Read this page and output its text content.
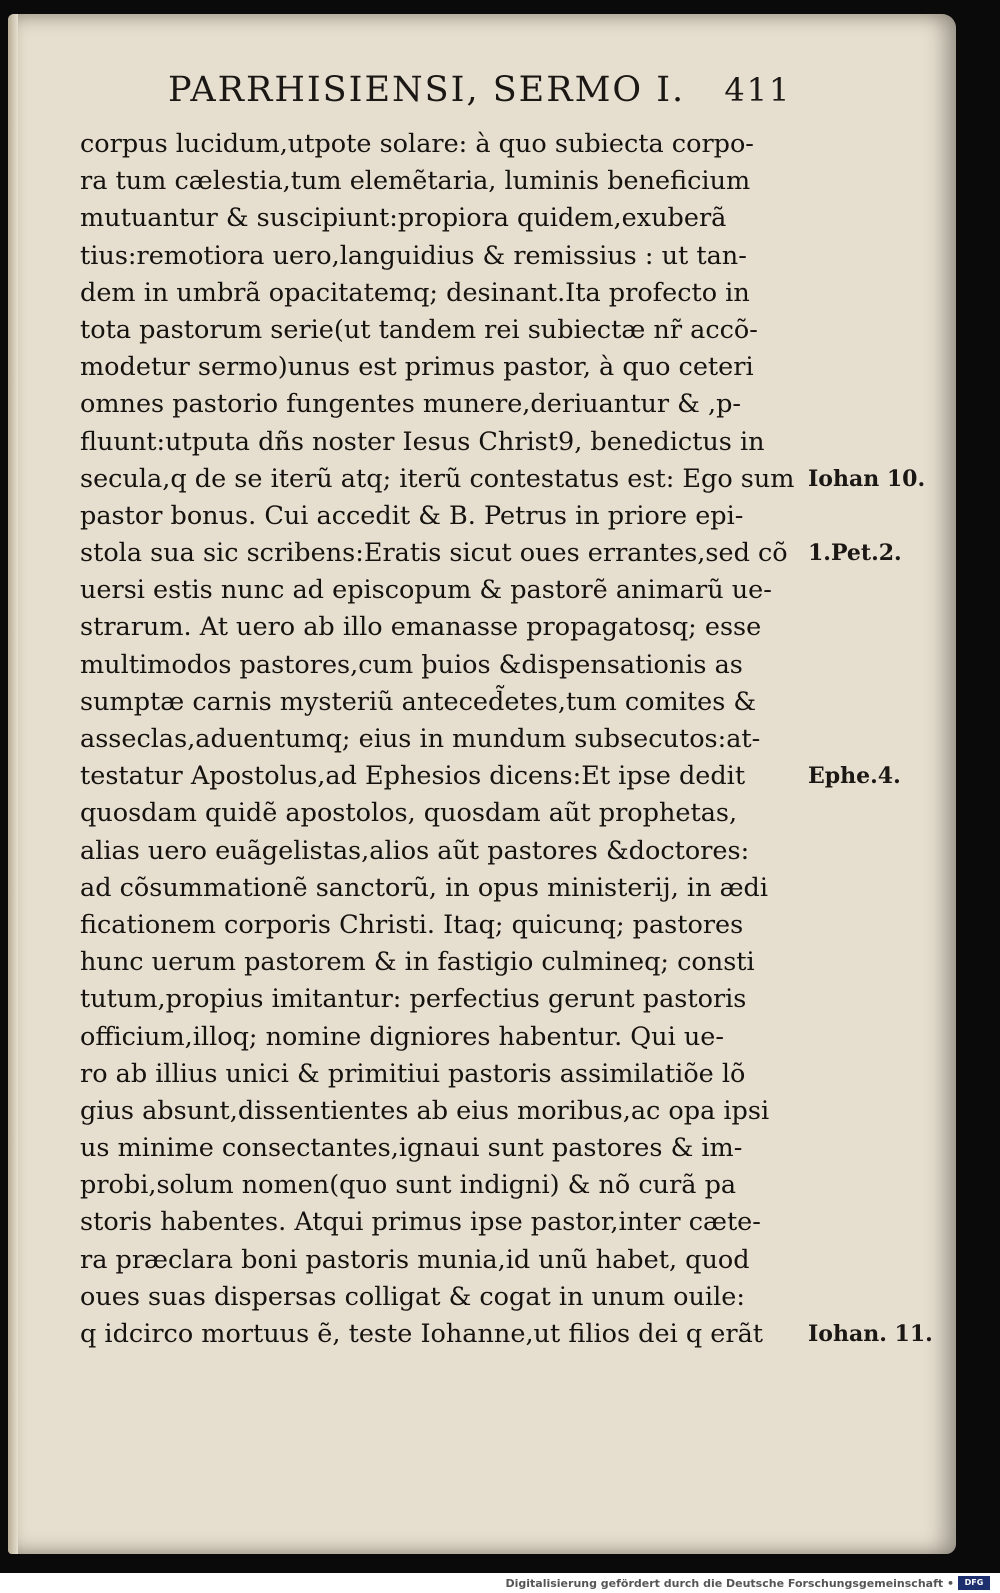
PARRHISIENSI, SERMO I. 411
corpus lucidum,utpote solare: à quo subiecta corpo-
ra tum cælestia,tum elemẽtaria, luminis beneficium
mutuantur & suscipiunt:propiora quidem,exuberã
tius:remotiora uero,languidius & remissius : ut tan-
dem in umbrã opacitatemq; desinant.Ita profecto in
tota pastorum serie(ut tandem rei subiectæ nr̃ accõ-
modetur sermo)unus est primus pastor, à quo ceteri
omnes pastorio fungentes munere,deriuantur & ,p-
fluunt:utputa dñs noster Iesus Christ9, benedictus in
secula,q de se iterũ atq; iterũ contestatus est: Ego sum
pastor bonus. Cui accedit & B. Petrus in priore epi-
stola sua sic scribens:Eratis sicut oues errantes,sed cõ
uersi estis nunc ad episcopum & pastorẽ animarũ ue-
strarum. At uero ab illo emanasse propagatosq; esse
multimodos pastores,cum þuios &dispensationis as
sumptæ carnis mysteriũ anteced̃etes,tum comites &
asseclas,aduentumq; eius in mundum subsecutos:at-
testatur Apostolus,ad Ephesios dicens:Et ipse dedit
quosdam quidẽ apostolos, quosdam aũt prophetas,
alias uero euãgelistas,alios aũt pastores &doctores:
ad cõsummationẽ sanctorũ, in opus ministerij, in ædi
ficationem corporis Christi. Itaq; quicunq; pastores
hunc uerum pastorem & in fastigio culmineq; consti
tutum,propius imitantur: perfectius gerunt pastoris
officium,illoq; nomine digniores habentur. Qui ue-
ro ab illius unici & primitiui pastoris assimilatiõe lõ
gius absunt,dissentientes ab eius moribus,ac opa ipsi
us minime consectantes,ignaui sunt pastores & im-
probi,solum nomen(quo sunt indigni) & nõ curã pa
storis habentes. Atqui primus ipse pastor,inter cæte-
ra præclara boni pastoris munia,id unũ habet, quod
oues suas dispersas colligat & cogat in unum ouile:
q idcirco mortuus ẽ, teste Iohanne,ut filios dei q erãt
Iohan 10.
1.Pet.2.
Ephe.4.
Iohan. 11.
Digitalisierung gefördert durch die Deutsche Forschungsgemeinschaft •	DFG
